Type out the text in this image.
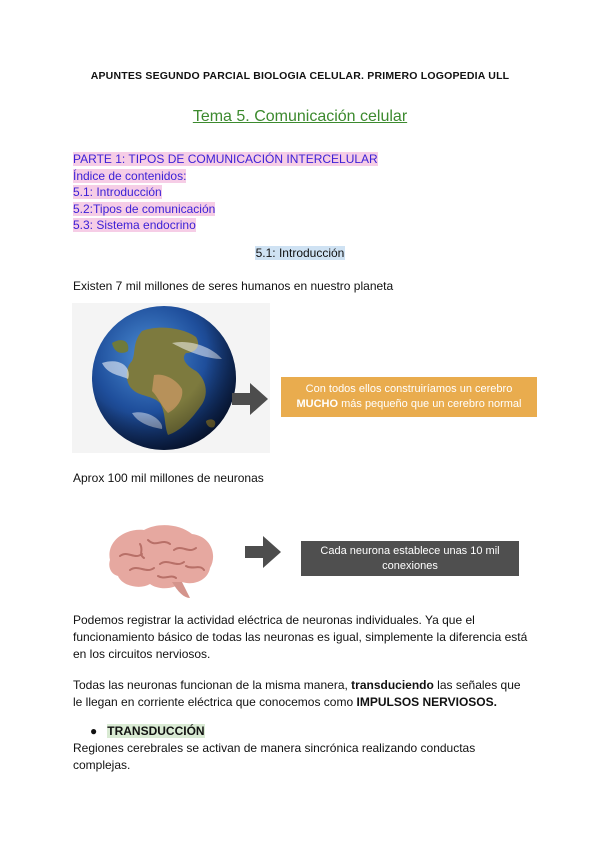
APUNTES SEGUNDO PARCIAL BIOLOGIA CELULAR. PRIMERO LOGOPEDIA ULL
Tema 5. Comunicación celular
PARTE 1: TIPOS DE COMUNICACIÓN INTERCELULAR
Índice de contenidos:
5.1: Introducción
5.2:Tipos de comunicación
5.3: Sistema endocrino
5.1: Introducción
Existen 7 mil millones de seres humanos en nuestro planeta
Con todos ellos construiríamos un cerebro
MUCHO más pequeño que un cerebro normal
Aprox 100 mil millones de neuronas
Cada neurona establece unas 10 mil conexiones
Podemos registrar la actividad eléctrica de neuronas individuales. Ya que el funcionamiento básico de todas las neuronas es igual, simplemente la diferencia está en los circuitos nerviosos.
Todas las neuronas funcionan de la misma manera, transduciendo las señales que le llegan en corriente eléctrica que conocemos como IMPULSOS NERVIOSOS.
● TRANSDUCCIÓN
Regiones cerebrales se activan de manera sincrónica realizando conductas complejas.
